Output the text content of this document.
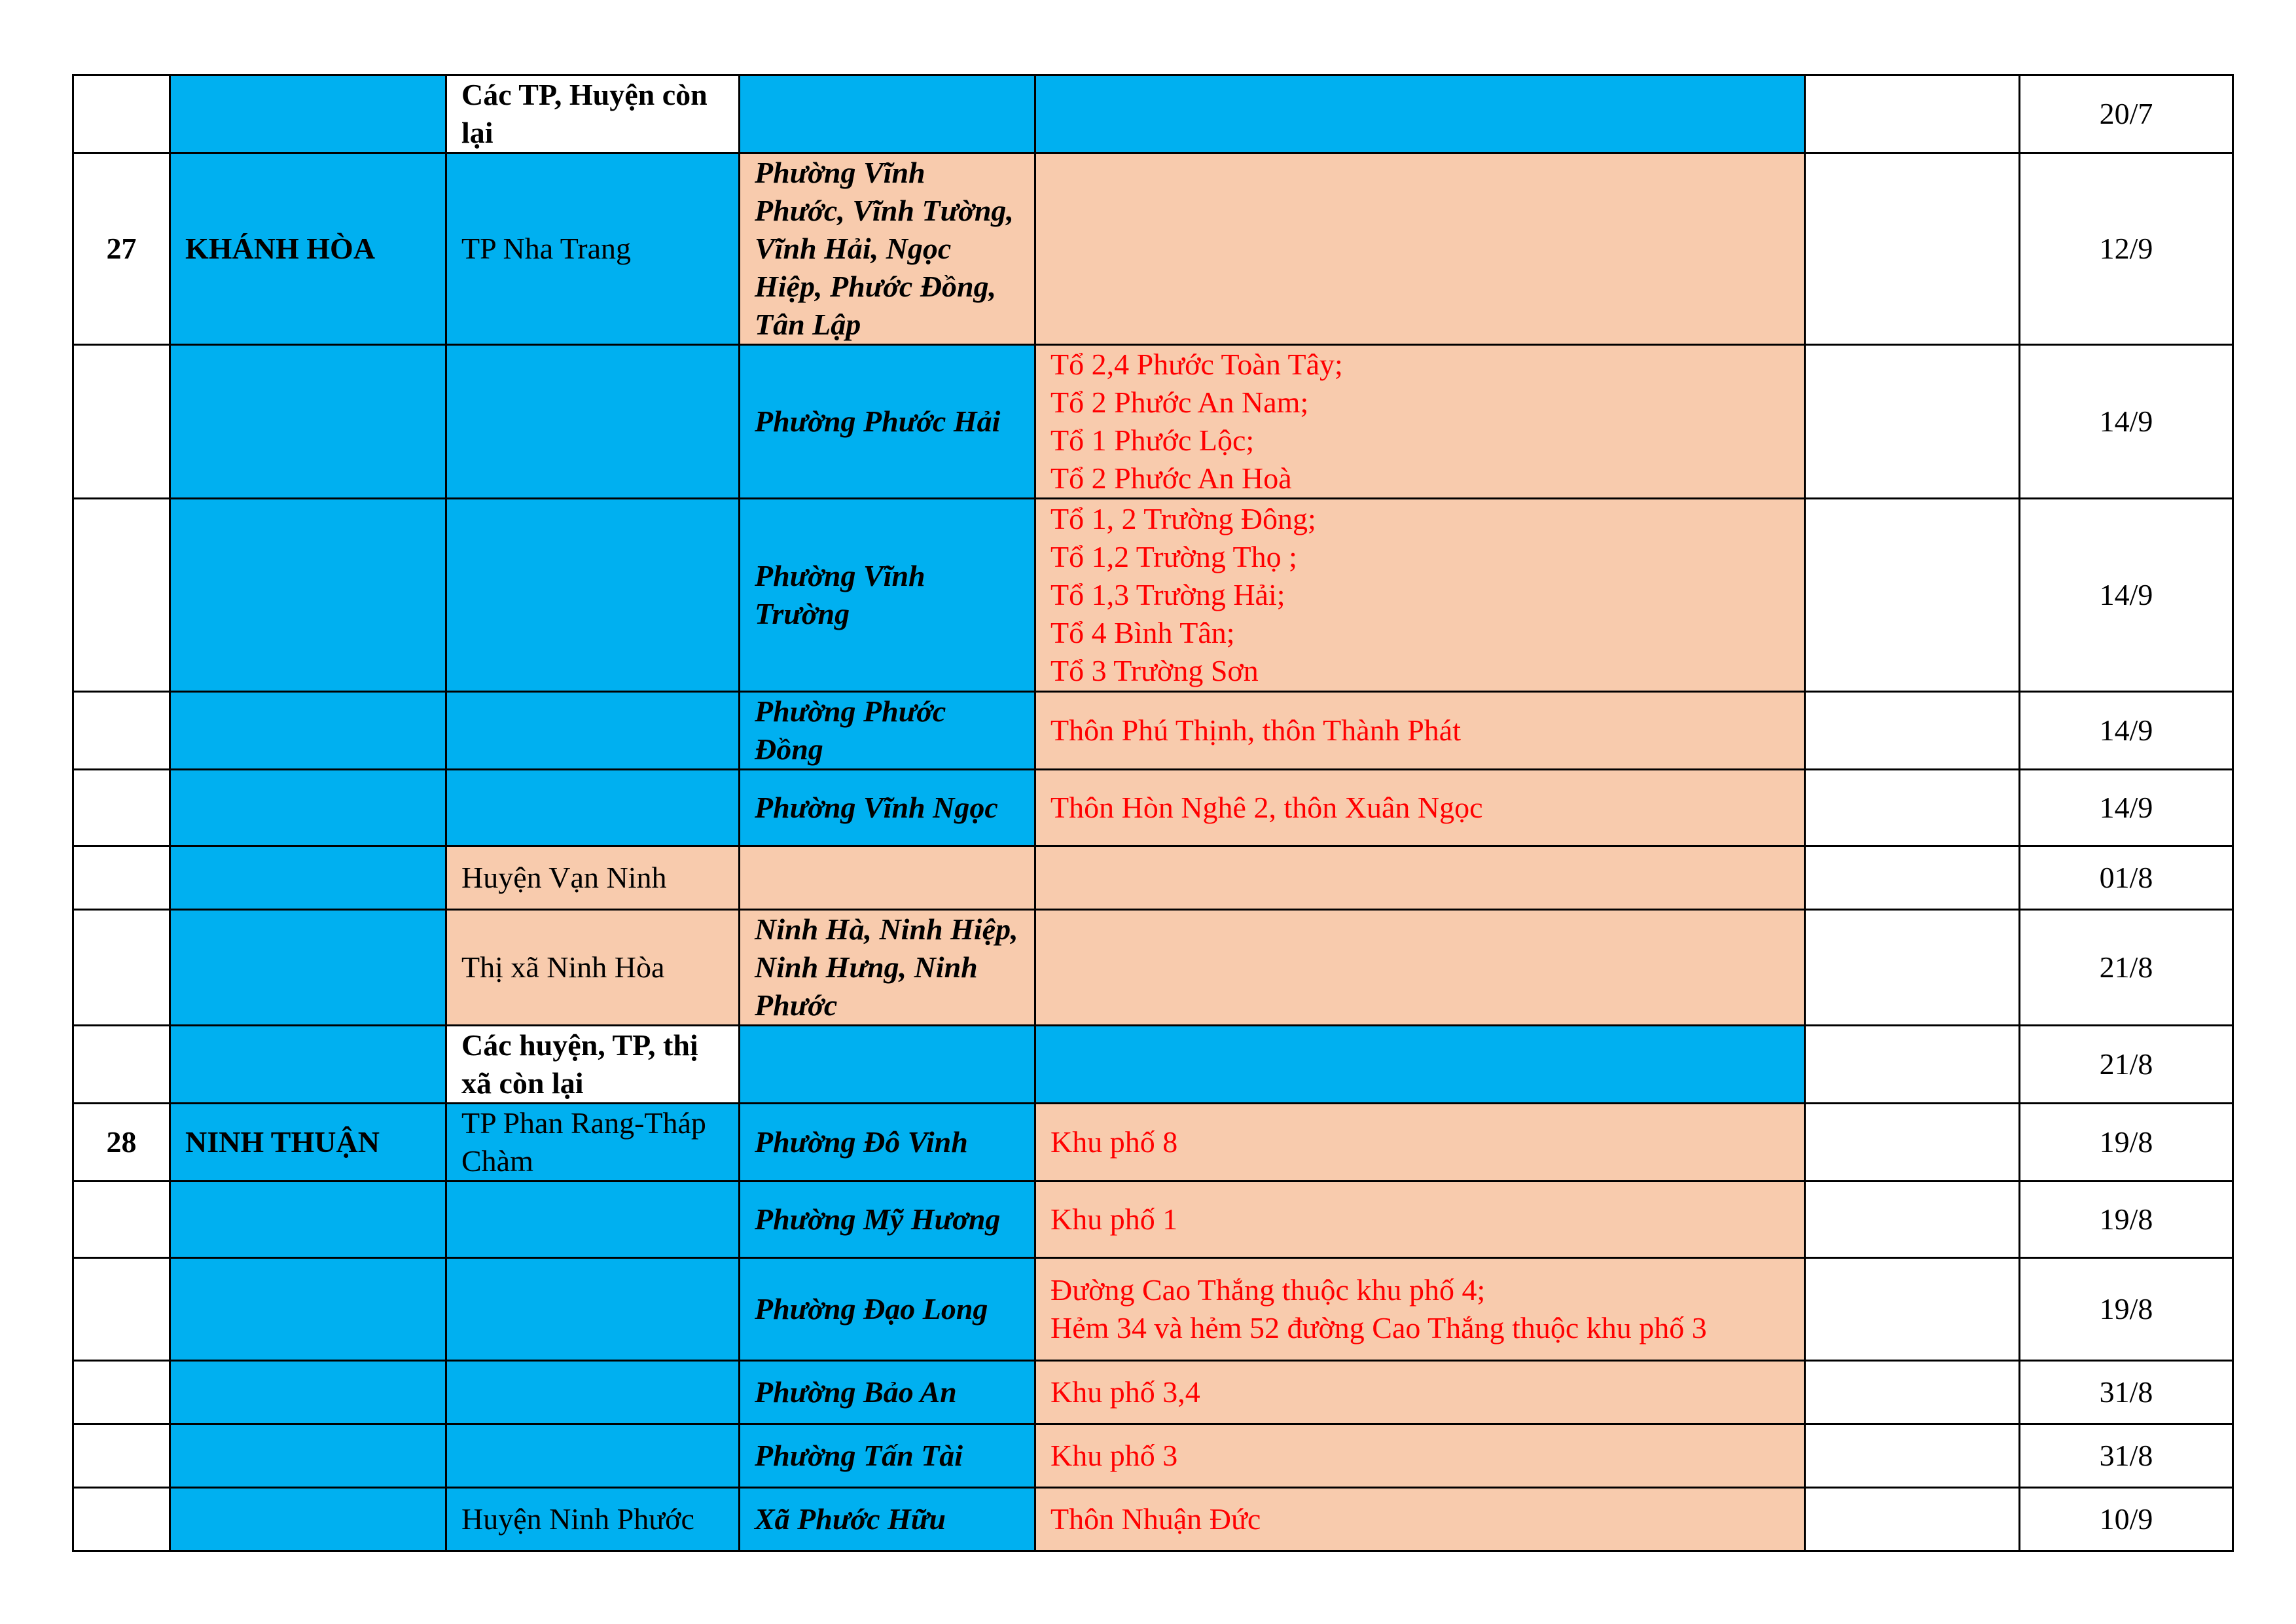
		Các TP, Huyện còn lại				20/7
27	KHÁNH HÒA	TP Nha Trang	Phường Vĩnh Phước, Vĩnh Tường, Vĩnh Hải, Ngọc Hiệp, Phước Đồng, Tân Lập			12/9
			Phường Phước Hải	Tổ 2,4 Phước Toàn Tây;
Tổ 2 Phước An Nam;
Tổ 1 Phước Lộc;
Tổ 2 Phước An Hoà		14/9
			Phường Vĩnh Trường	Tổ 1, 2 Trường Đông;
Tổ 1,2 Trường Thọ ;
Tổ 1,3 Trường Hải;
Tổ 4 Bình Tân;
Tổ 3 Trường Sơn		14/9
			Phường Phước Đồng	Thôn Phú Thịnh, thôn Thành Phát		14/9
			Phường Vĩnh Ngọc	Thôn Hòn Nghê 2, thôn Xuân Ngọc		14/9
		Huyện Vạn Ninh				01/8
		Thị xã Ninh Hòa	Ninh Hà, Ninh Hiệp, Ninh Hưng, Ninh Phước			21/8
		Các huyện, TP, thị xã còn lại				21/8
28	NINH THUẬN	TP Phan Rang-Tháp Chàm	Phường Đô Vinh	Khu phố 8		19/8
			Phường Mỹ Hương	Khu phố 1		19/8
			Phường Đạo Long	Đường Cao Thắng thuộc khu phố 4;
Hẻm 34 và hẻm 52 đường Cao Thắng thuộc khu phố 3		19/8
			Phường Bảo An	Khu phố 3,4		31/8
			Phường Tấn Tài	Khu phố 3		31/8
		Huyện Ninh Phước	Xã Phước Hữu	Thôn Nhuận Đức		10/9
